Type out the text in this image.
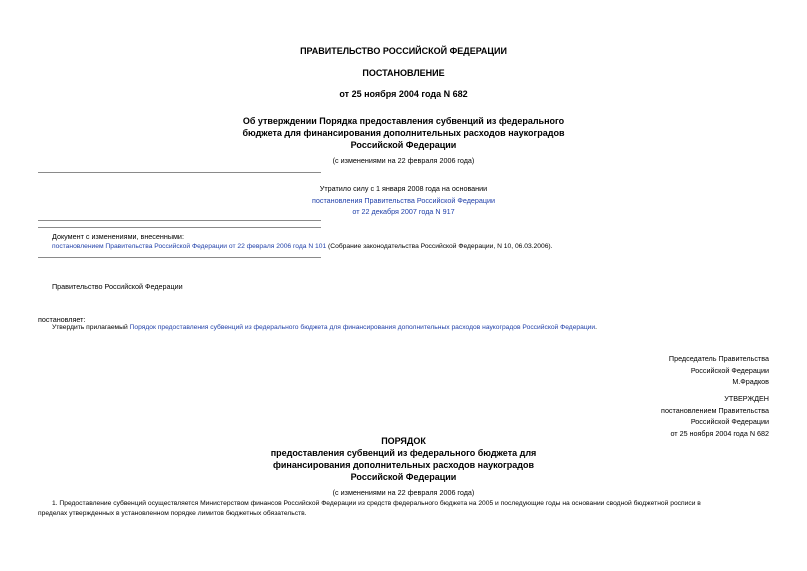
ПРАВИТЕЛЬСТВО РОССИЙСКОЙ ФЕДЕРАЦИИ
ПОСТАНОВЛЕНИЕ
от 25 ноября 2004 года N 682
Об утверждении Порядка предоставления субвенций из федерального
бюджета для финансирования дополнительных расходов наукоградов
Российской Федерации
(с изменениями на 22 февраля 2006 года)
Утратило силу с 1 января 2008 года на основании
постановления Правительства Российской Федерации
от 22 декабря 2007 года N 917
Документ с изменениями, внесенными:
постановлением Правительства Российской Федерации от 22 февраля 2006 года N 101 (Собрание законодательства Российской Федерации, N 10, 06.03.2006).
Правительство Российской Федерации
постановляет:
Утвердить прилагаемый Порядок предоставления субвенций из федерального бюджета для финансирования дополнительных расходов наукоградов Российской Федерации.
Председатель Правительства
Российской Федерации
М.Фрадков
УТВЕРЖДЕН
постановлением Правительства
Российской Федерации
от 25 ноября 2004 года N 682
ПОРЯДОК
предоставления субвенций из федерального бюджета для
финансирования дополнительных расходов наукоградов
Российской Федерации
(с изменениями на 22 февраля 2006 года)
1. Предоставление субвенций осуществляется Министерством финансов Российской Федерации из средств федерального бюджета на 2005 и последующие годы на основании сводной бюджетной росписи в
пределах утвержденных в установленном порядке лимитов бюджетных обязательств.
